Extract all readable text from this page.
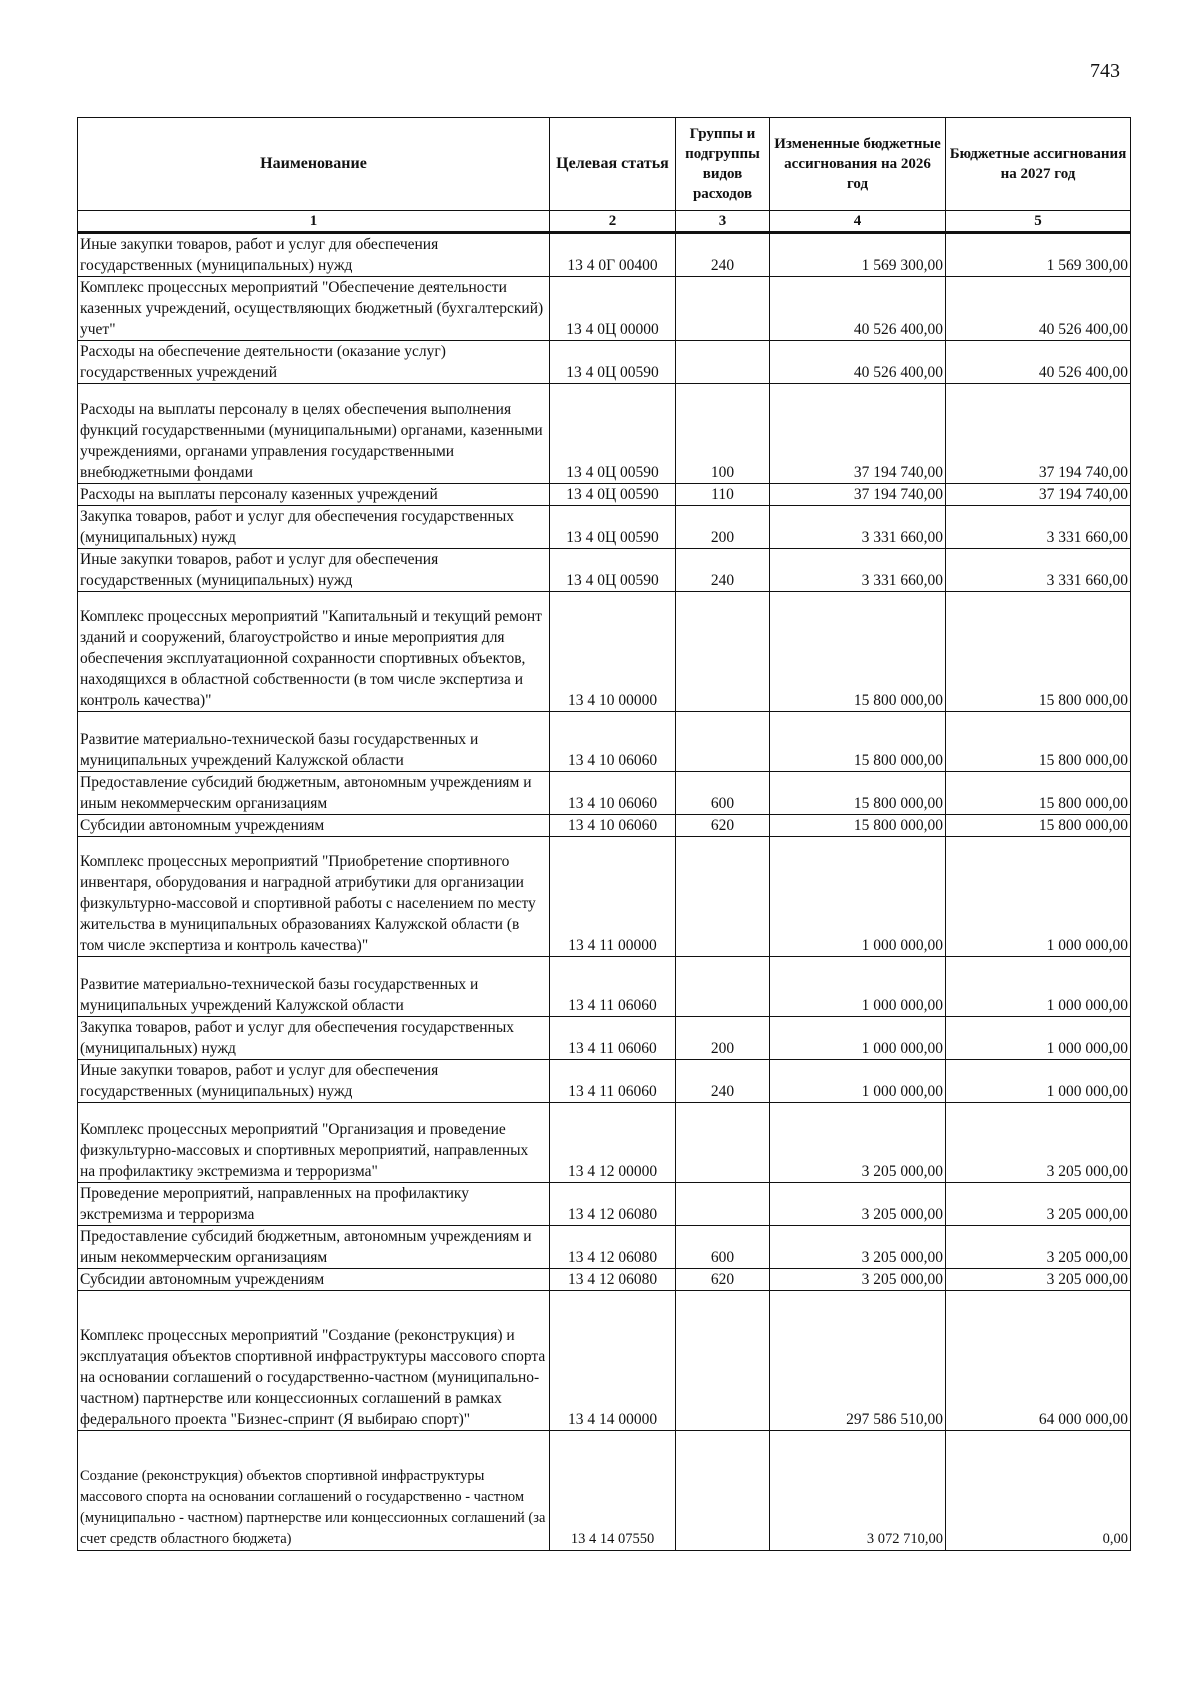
743
Наименование	Целевая статья	Группы и подгруппы видов расходов	Измененные бюджетные ассигнования на 2026 год	Бюджетные ассигнования на 2027 год
1	2	3	4	5

Иные закупки товаров, работ и услуг для обеспечения государственных (муниципальных) нужд	13 4 0Г 00400	240	1 569 300,00	1 569 300,00

Комплекс процессных мероприятий "Обеспечение деятельности казенных учреждений, осуществляющих бюджетный (бухгалтерский) учет"	13 4 0Ц 00000		40 526 400,00	40 526 400,00

Расходы на обеспечение деятельности (оказание услуг) государственных учреждений	13 4 0Ц 00590		40 526 400,00	40 526 400,00

Расходы на выплаты персоналу в целях обеспечения выполнения функций государственными (муниципальными) органами, казенными учреждениями, органами управления государственными внебюджетными фондами	13 4 0Ц 00590	100	37 194 740,00	37 194 740,00

Расходы на выплаты персоналу казенных учреждений	13 4 0Ц 00590	110	37 194 740,00	37 194 740,00

Закупка товаров, работ и услуг для обеспечения государственных (муниципальных) нужд	13 4 0Ц 00590	200	3 331 660,00	3 331 660,00

Иные закупки товаров, работ и услуг для обеспечения государственных (муниципальных) нужд	13 4 0Ц 00590	240	3 331 660,00	3 331 660,00

Комплекс процессных мероприятий "Капитальный и текущий ремонт зданий и сооружений, благоустройство и иные мероприятия для обеспечения эксплуатационной сохранности спортивных объектов, находящихся в областной собственности (в том числе экспертиза и контроль качества)"	13 4 10 00000		15 800 000,00	15 800 000,00

Развитие материально-технической базы государственных и муниципальных учреждений Калужской области	13 4 10 06060		15 800 000,00	15 800 000,00

Предоставление субсидий бюджетным, автономным учреждениям и иным некоммерческим организациям	13 4 10 06060	600	15 800 000,00	15 800 000,00

Субсидии автономным учреждениям	13 4 10 06060	620	15 800 000,00	15 800 000,00

Комплекс процессных мероприятий "Приобретение спортивного инвентаря, оборудования и наградной атрибутики для организации физкультурно-массовой и спортивной работы с населением по месту жительства в муниципальных образованиях Калужской области (в том числе экспертиза и контроль качества)"	13 4 11 00000		1 000 000,00	1 000 000,00

Развитие материально-технической базы государственных и муниципальных учреждений Калужской области	13 4 11 06060		1 000 000,00	1 000 000,00

Закупка товаров, работ и услуг для обеспечения государственных (муниципальных) нужд	13 4 11 06060	200	1 000 000,00	1 000 000,00

Иные закупки товаров, работ и услуг для обеспечения государственных (муниципальных) нужд	13 4 11 06060	240	1 000 000,00	1 000 000,00

Комплекс процессных мероприятий "Организация и проведение физкультурно-массовых и спортивных мероприятий, направленных на профилактику экстремизма и терроризма"	13 4 12 00000		3 205 000,00	3 205 000,00

Проведение мероприятий, направленных на профилактику экстремизма и терроризма	13 4 12 06080		3 205 000,00	3 205 000,00

Предоставление субсидий бюджетным, автономным учреждениям и иным некоммерческим организациям	13 4 12 06080	600	3 205 000,00	3 205 000,00

Субсидии автономным учреждениям	13 4 12 06080	620	3 205 000,00	3 205 000,00

Комплекс процессных мероприятий "Создание (реконструкция) и эксплуатация объектов спортивной инфраструктуры массового спорта на основании соглашений о государственно-частном (муниципально-частном) партнерстве или концессионных соглашений в рамках федерального проекта "Бизнес-спринт (Я выбираю спорт)"	13 4 14 00000		297 586 510,00	64 000 000,00

Создание (реконструкция) объектов спортивной инфраструктуры массового спорта на основании соглашений о государственно - частном (муниципально - частном) партнерстве или концессионных соглашений (за счет средств областного бюджета)	13 4 14 07550		3 072 710,00	0,00
